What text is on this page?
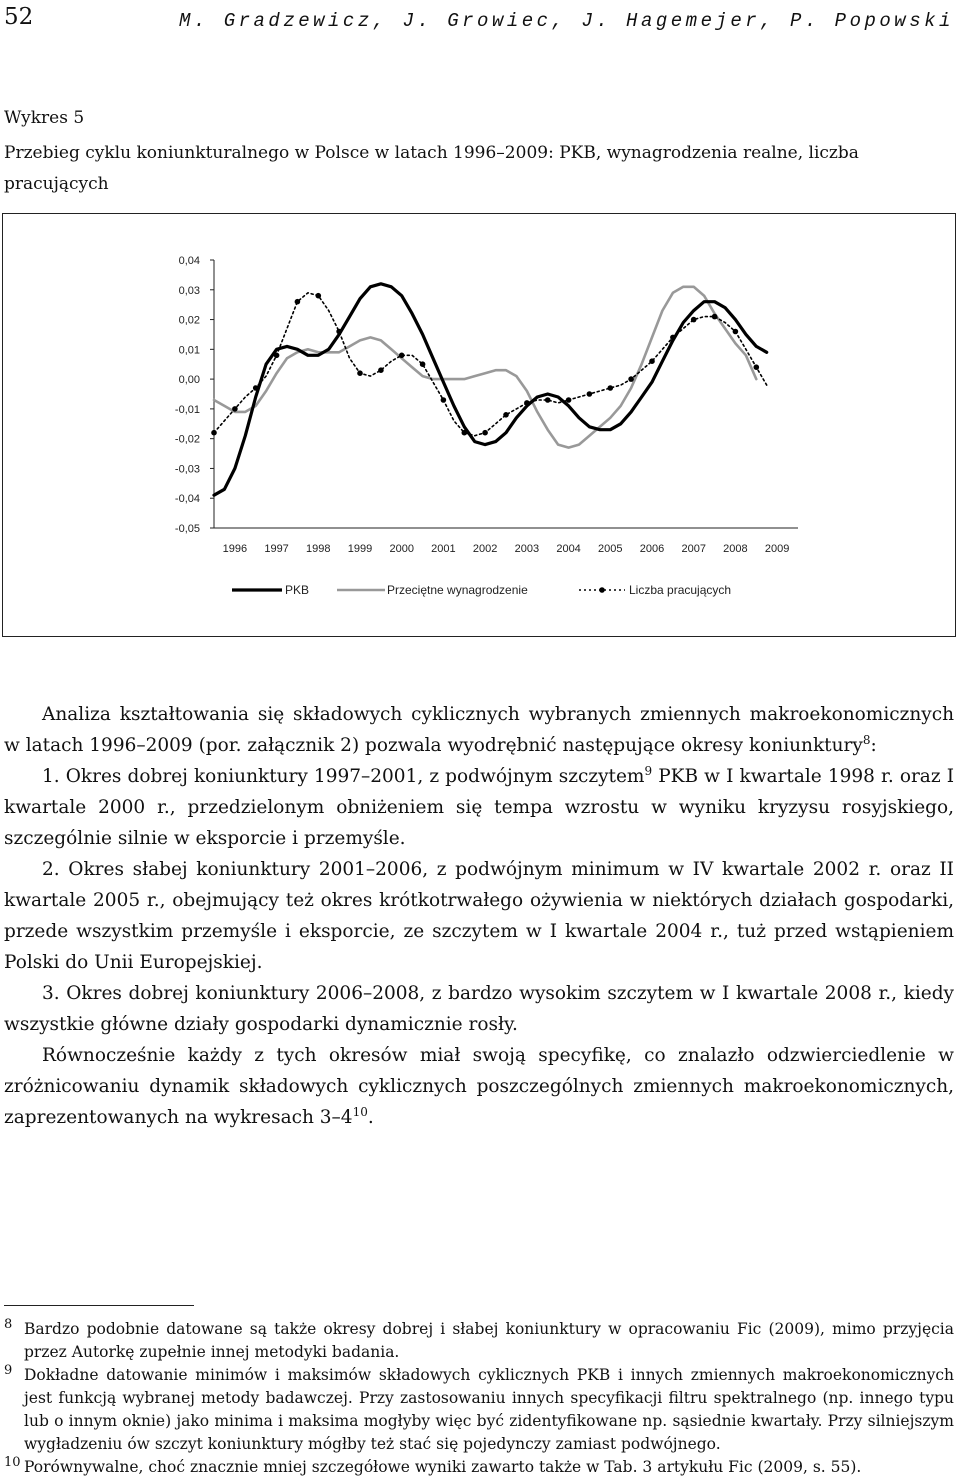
52	M. Gradzewicz, J. Growiec, J. Hagemejer, P. Popowski
Wykres 5
Przebieg cyklu koniunkturalnego w Polsce w latach 1996–2009: PKB, wynagrodzenia realne, liczba pracujących
0,04
0,03
0,02
0,01
0,00
-0,01
-0,02
-0,03
-0,04
-0,05
1996 1997 1998 1999 2000 2001 2002 2003 2004 2005 2006 2007 2008 2009
PKB	Przeciętne wynagrodzenie	Liczba pracujących

Analiza kształtowania się składowych cyklicznych wybranych zmiennych makroekonomicznych w latach 1996–2009 (por. załącznik 2) pozwala wyodrębnić następujące okresy koniunktury$^8$:

1. Okres dobrej koniunktury 1997–2001, z podwójnym szczytem$^9$ PKB w I kwartale 1998 r. oraz I kwartale 2000 r., przedzielonym obniżeniem się tempa wzrostu w wyniku kryzysu rosyjskiego, szczególnie silnie w eksporcie i przemyśle.

2. Okres słabej koniunktury 2001–2006, z podwójnym minimum w IV kwartale 2002 r. oraz II kwartale 2005 r., obejmujący też okres krótkotrwałego ożywienia w niektórych działach gospodarki, przede wszystkim przemyśle i eksporcie, ze szczytem w I kwartale 2004 r., tuż przed wstąpieniem Polski do Unii Europejskiej.

3. Okres dobrej koniunktury 2006–2008, z bardzo wysokim szczytem w I kwartale 2008 r., kiedy wszystkie główne działy gospodarki dynamicznie rosły.

Równocześnie każdy z tych okresów miał swoją specyfikę, co znalazło odzwierciedlenie w zróżnicowaniu dynamik składowych cyklicznych poszczególnych zmiennych makroekonomicznych, zaprezentowanych na wykresach $3-4^{10}$.

8 Bardzo podobnie datowane są także okresy dobrej i słabej koniunktury w opracowaniu Fic (2009), mimo przyjęcia przez Autorkę zupełnie innej metodyki badania.
9 Dokładne datowanie minimów i maksimów składowych cyklicznych PKB i innych zmiennych makroekonomicznych jest funkcją wybranej metody badawczej. Przy zastosowaniu innych specyfikacji filtru spektralnego (np. innego typu lub o innym oknie) jako minima i maksima mogłyby więc być zidentyfikowane np. sąsiednie kwartały. Przy silniejszym wygładzeniu ów szczyt koniunktury mógłby też stać się pojedynczy zamiast podwójnego.
10 Porównywalne, choć znacznie mniej szczegółowe wyniki zawarto także w Tab. 3 artykułu Fic (2009, s. 55).
